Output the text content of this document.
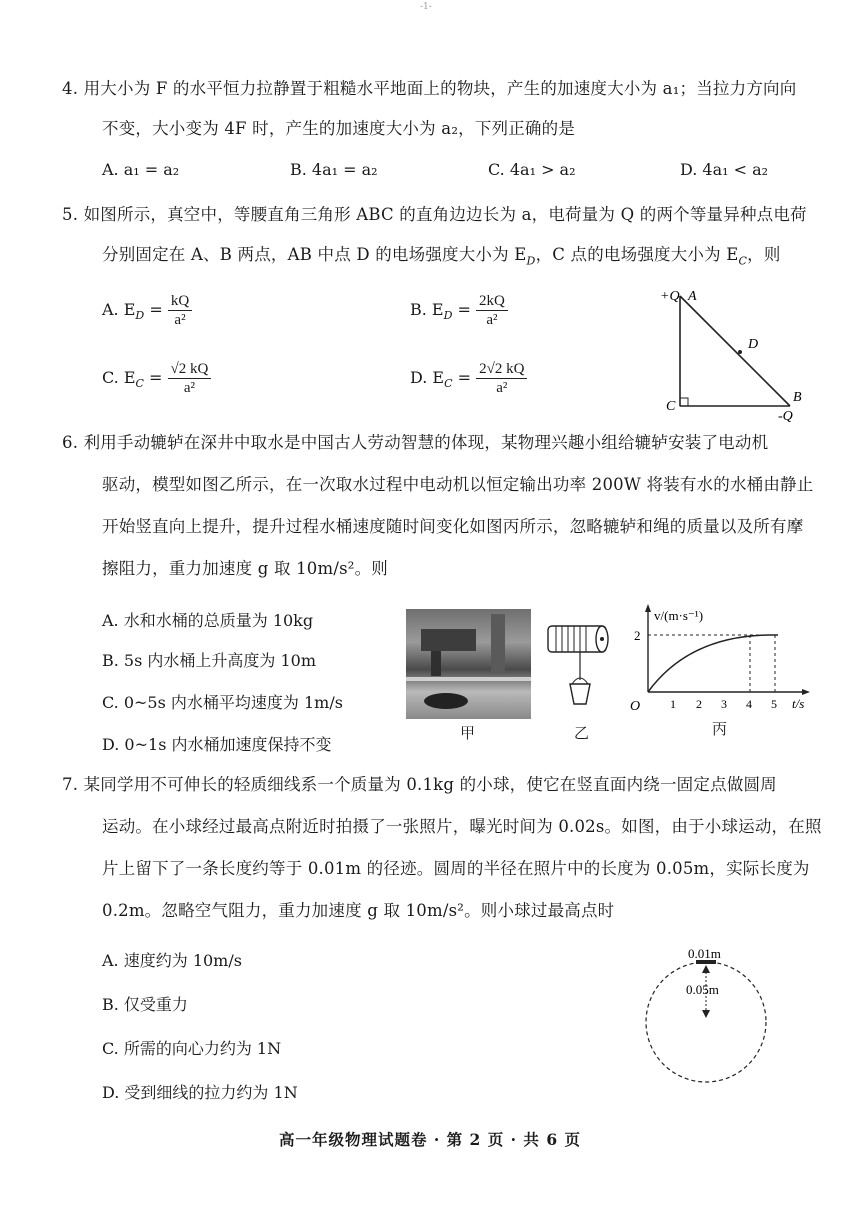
-1-
4. 用大小为 F 的水平恒力拉静置于粗糙水平地面上的物块，产生的加速度大小为 a₁；当拉力方向向
不变，大小变为 4F 时，产生的加速度大小为 a₂，下列正确的是
A. a₁ = a₂	B. 4a₁ = a₂	C. 4a₁ > a₂	D. 4a₁ < a₂
5. 如图所示，真空中，等腰直角三角形 ABC 的直角边边长为 a，电荷量为 Q 的两个等量异种点电荷
分别固定在 A、B 两点，AB 中点 D 的电场强度大小为 $E_D$，C 点的电场强度大小为 $E_C$，则
A. $E_D = \frac{kQ}{\text{a²}}$	B. $E_D = \frac{2kQ}{\text{a²}}$
C. $E_C = \frac{√2 kQ}{\text{a²}}$	D. $E_C = \frac{2√2 kQ}{\text{a²}}$
+Q A
D
C
B
-Q
6. 利用手动辘轳在深井中取水是中国古人劳动智慧的体现，某物理兴趣小组给辘轳安装了电动机
驱动，模型如图乙所示，在一次取水过程中电动机以恒定输出功率 200W 将装有水的水桶由静止
开始竖直向上提升，提升过程水桶速度随时间变化如图丙所示，忽略辘轳和绳的质量以及所有摩
擦阻力，重力加速度 g 取 10m/s²。则
A. 水和水桶的总质量为 10kg
B. 5s 内水桶上升高度为 10m
C. 0~5s 内水桶平均速度为 1m/s
D. 0~1s 内水桶加速度保持不变
甲	乙
v/(m·s⁻¹)
t/s
O
2
1 2 3 4 5
丙
7. 某同学用不可伸长的轻质细线系一个质量为 0.1kg 的小球，使它在竖直面内绕一固定点做圆周
运动。在小球经过最高点附近时拍摄了一张照片，曝光时间为 0.02s。如图，由于小球运动，在照
片上留下了一条长度约等于 0.01m 的径迹。圆周的半径在照片中的长度为 0.05m，实际长度为
0.2m。忽略空气阻力，重力加速度 g 取 10m/s²。则小球过最高点时
A. 速度约为 10m/s
B. 仅受重力
C. 所需的向心力约为 1N
D. 受到细线的拉力约为 1N
0.01m
0.05m
高一年级物理试题卷 · 第 2 页 · 共 6 页
